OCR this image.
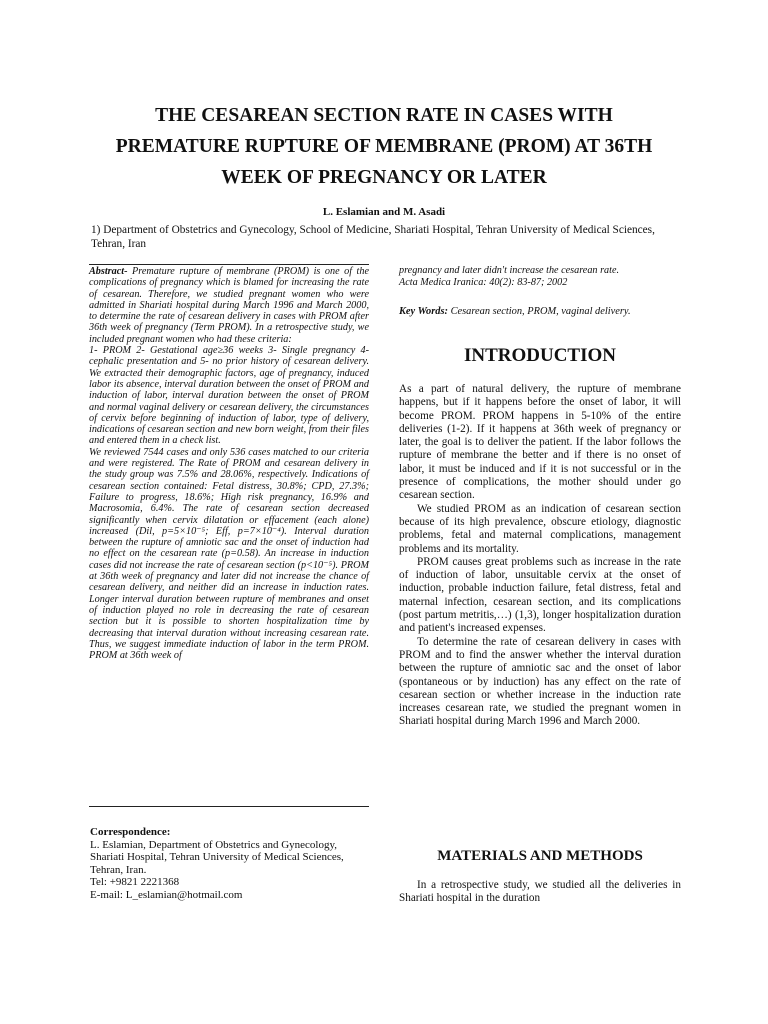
THE CESAREAN SECTION RATE IN CASES WITH
PREMATURE RUPTURE OF MEMBRANE (PROM) AT 36TH
WEEK OF PREGNANCY OR LATER

L. Eslamian and M. Asadi

1) Department of Obstetrics and Gynecology, School of Medicine, Shariati Hospital, Tehran University of Medical Sciences, Tehran, Iran

Abstract- Premature rupture of membrane (PROM) is one of the complications of pregnancy which is blamed for increasing the rate of cesarean. Therefore, we studied pregnant women who were admitted in Shariati hospital during March 1996 and March 2000, to determine the rate of cesarean delivery in cases with PROM after 36th week of pregnancy (Term PROM). In a retrospective study, we included pregnant women who had these criteria:

1- PROM 2- Gestational age≥36 weeks 3- Single pregnancy 4- cephalic presentation and 5- no prior history of cesarean delivery. We extracted their demographic factors, age of pregnancy, induced labor its absence, interval duration between the onset of PROM and induction of labor, interval duration between the onset of PROM and normal vaginal delivery or cesarean delivery, the circumstances of cervix before beginning of induction of labor, type of delivery, indications of cesarean section and new born weight, from their files and entered them in a check list.

We reviewed 7544 cases and only 536 cases matched to our criteria and were registered. The Rate of PROM and cesarean delivery in the study group was 7.5% and 28.06%, respectively. Indications of cesarean section contained: Fetal distress, 30.8%; CPD, 27.3%; Failure to progress, 18.6%; High risk pregnancy, 16.9% and Macrosomia, 6.4%. The rate of cesarean section decreased significantly when cervix dilatation or effacement (each alone) increased (Dil, p=5×10⁻⁵; Eff, p=7×10⁻⁴). Interval duration between the rupture of amniotic sac and the onset of induction had no effect on the cesarean rate (p=0.58). An increase in induction cases did not increase the rate of cesarean section (p<10⁻⁵). PROM at 36th week of pregnancy and later did not increase the chance of cesarean delivery, and neither did an increase in induction rates. Longer interval duration between rupture of membranes and onset of induction played no role in decreasing the rate of cesarean section but it is possible to shorten hospitalization time by decreasing that interval duration without increasing cesarean rate. Thus, we suggest immediate induction of labor in the term PROM. PROM at 36th week of

Correspondence:
L. Eslamian, Department of Obstetrics and Gynecology,
Shariati Hospital, Tehran University of Medical Sciences,
Tehran, Iran.
Tel: +9821 2221368
E-mail: L_eslamian@hotmail.com

pregnancy and later didn't increase the cesarean rate.

Acta Medica Iranica: 40(2): 83-87; 2002

Key Words: Cesarean section, PROM, vaginal delivery.

INTRODUCTION

As a part of natural delivery, the rupture of membrane happens, but if it happens before the onset of labor, it will become PROM. PROM happens in 5-10% of the entire deliveries (1-2). If it happens at 36th week of pregnancy or later, the goal is to deliver the patient. If the labor follows the rupture of membrane the better and if there is no onset of labor, it must be induced and if it is not successful or in the presence of complications, the mother should under go cesarean section.

We studied PROM as an indication of cesarean section because of its high prevalence, obscure etiology, diagnostic problems, fetal and maternal complications, management problems and its mortality.

PROM causes great problems such as increase in the rate of induction of labor, unsuitable cervix at the onset of induction, probable induction failure, fetal distress, fetal and maternal infection, cesarean section, and its complications (post partum metritis,…) (1,3), longer hospitalization duration and patient's increased expenses.

To determine the rate of cesarean delivery in cases with PROM and to find the answer whether the interval duration between the rupture of amniotic sac and the onset of labor (spontaneous or by induction) has any effect on the rate of cesarean section or whether increase in the induction rate increases cesarean rate, we studied the pregnant women in Shariati hospital during March 1996 and March 2000.

MATERIALS AND METHODS

In a retrospective study, we studied all the deliveries in Shariati hospital in the duration
